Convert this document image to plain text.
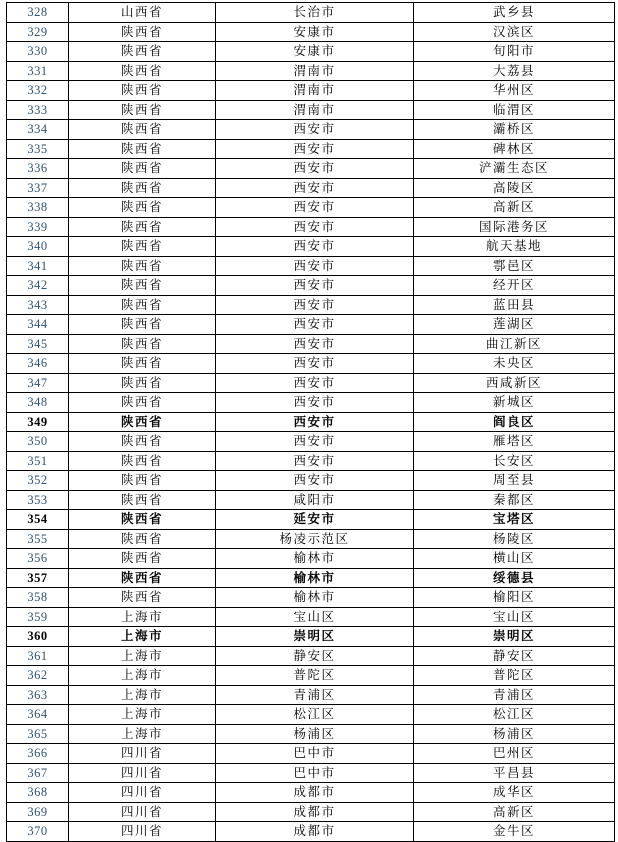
328	山西省	长治市	武乡县
329	陕西省	安康市	汉滨区
330	陕西省	安康市	旬阳市
331	陕西省	渭南市	大荔县
332	陕西省	渭南市	华州区
333	陕西省	渭南市	临渭区
334	陕西省	西安市	灞桥区
335	陕西省	西安市	碑林区
336	陕西省	西安市	浐灞生态区
337	陕西省	西安市	高陵区
338	陕西省	西安市	高新区
339	陕西省	西安市	国际港务区
340	陕西省	西安市	航天基地
341	陕西省	西安市	鄠邑区
342	陕西省	西安市	经开区
343	陕西省	西安市	蓝田县
344	陕西省	西安市	莲湖区
345	陕西省	西安市	曲江新区
346	陕西省	西安市	未央区
347	陕西省	西安市	西咸新区
348	陕西省	西安市	新城区
349	陕西省	西安市	阎良区
350	陕西省	西安市	雁塔区
351	陕西省	西安市	长安区
352	陕西省	西安市	周至县
353	陕西省	咸阳市	秦都区
354	陕西省	延安市	宝塔区
355	陕西省	杨凌示范区	杨陵区
356	陕西省	榆林市	横山区
357	陕西省	榆林市	绥德县
358	陕西省	榆林市	榆阳区
359	上海市	宝山区	宝山区
360	上海市	崇明区	崇明区
361	上海市	静安区	静安区
362	上海市	普陀区	普陀区
363	上海市	青浦区	青浦区
364	上海市	松江区	松江区
365	上海市	杨浦区	杨浦区
366	四川省	巴中市	巴州区
367	四川省	巴中市	平昌县
368	四川省	成都市	成华区
369	四川省	成都市	高新区
370	四川省	成都市	金牛区
